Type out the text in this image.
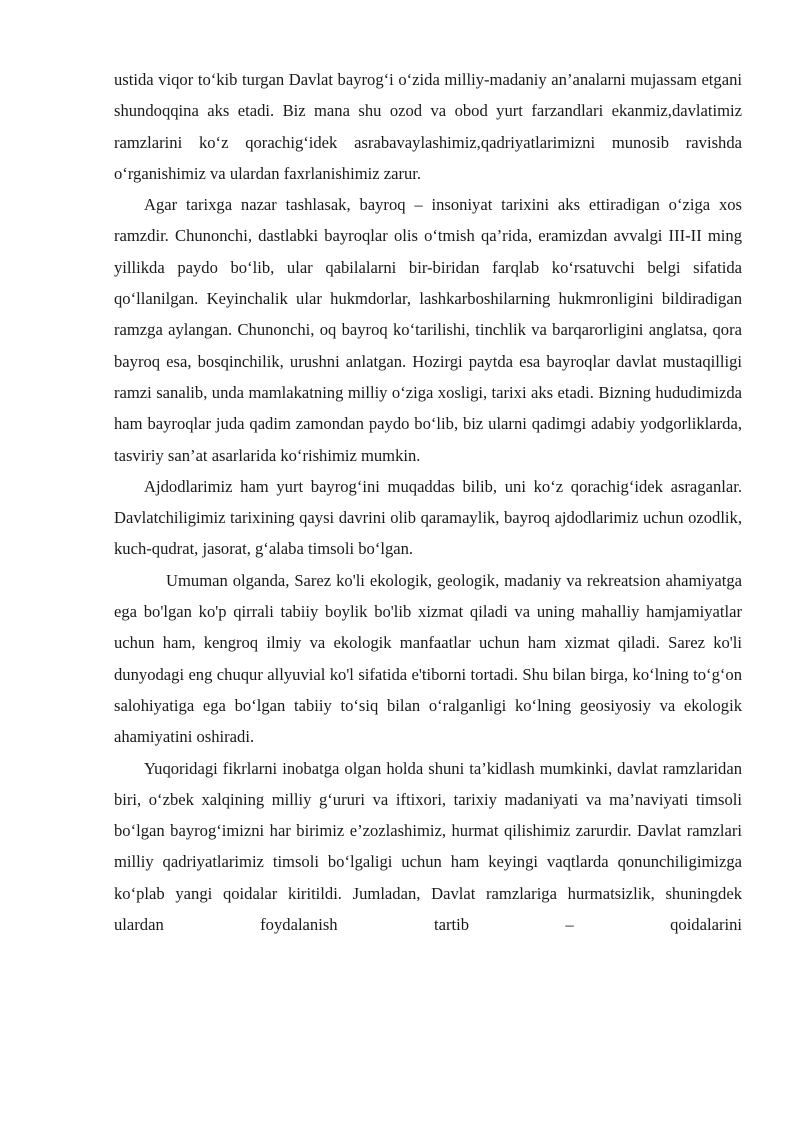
ustida viqor to‘kib turgan Davlat bayrog‘i o‘zida milliy-madaniy an’analarni mujassam etgani shundoqqina aks etadi. Biz mana shu ozod va obod yurt farzandlari ekanmiz,davlatimiz ramzlarini ko‘z qorachig‘idek asrabavaylashimiz,qadriyatlarimizni munosib ravishda o‘rganishimiz va ulardan faxrlanishimiz zarur.

Agar tarixga nazar tashlasak, bayroq – insoniyat tarixini aks ettiradigan o‘ziga xos ramzdir. Chunonchi, dastlabki bayroqlar olis o‘tmish qa’rida, eramizdan avvalgi III-II ming yillikda paydo bo‘lib, ular qabilalarni bir-biridan farqlab ko‘rsatuvchi belgi sifatida qo‘llanilgan. Keyinchalik ular hukmdorlar, lashkarboshilarning hukmronligini bildiradigan ramzga aylangan. Chunonchi, oq bayroq ko‘tarilishi, tinchlik va barqarorligini anglatsa, qora bayroq esa, bosqinchilik, urushni anlatgan. Hozirgi paytda esa bayroqlar davlat mustaqilligi ramzi sanalib, unda mamlakatning milliy o‘ziga xosligi, tarixi aks etadi. Bizning hududimizda ham bayroqlar juda qadim zamondan paydo bo‘lib, biz ularni qadimgi adabiy yodgorliklarda, tasviriy san’at asarlarida ko‘rishimiz mumkin.

Ajdodlarimiz ham yurt bayrog‘ini muqaddas bilib, uni ko‘z qorachig‘idek asraganlar. Davlatchiligimiz tarixining qaysi davrini olib qaramaylik, bayroq ajdodlarimiz uchun ozodlik, kuch-qudrat, jasorat, g‘alaba timsoli bo‘lgan.

Umuman olganda, Sarez ko'li ekologik, geologik, madaniy va rekreatsion ahamiyatga ega bo'lgan ko'p qirrali tabiiy boylik bo'lib xizmat qiladi va uning mahalliy hamjamiyatlar uchun ham, kengroq ilmiy va ekologik manfaatlar uchun ham xizmat qiladi. Sarez ko'li dunyodagi eng chuqur allyuvial ko'l sifatida e'tiborni tortadi. Shu bilan birga, ko‘lning to‘g‘on salohiyatiga ega bo‘lgan tabiiy to‘siq bilan o‘ralganligi ko‘lning geosiyosiy va ekologik ahamiyatini oshiradi.

Yuqoridagi fikrlarni inobatga olgan holda shuni ta’kidlash mumkinki, davlat ramzlaridan biri, o‘zbek xalqining milliy g‘ururi va iftixori, tarixiy madaniyati va ma’naviyati timsoli bo‘lgan bayrog‘imizni har birimiz e’zozlashimiz, hurmat qilishimiz zarurdir. Davlat ramzlari milliy qadriyatlarimiz timsoli bo‘lgaligi uchun ham keyingi vaqtlarda qonunchiligimizga ko‘plab yangi qoidalar kiritildi. Jumladan, Davlat ramzlariga hurmatsizlik, shuningdek ulardan foydalanish tartib – qoidalarini
